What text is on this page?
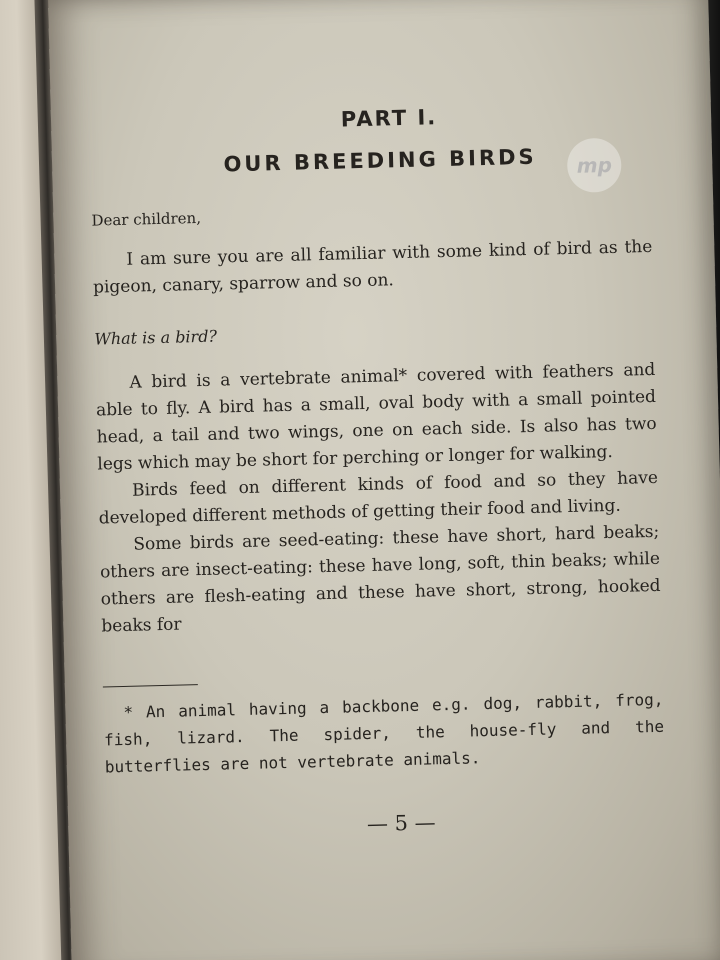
PART I.
OUR BREEDING BIRDS
Dear children,

I am sure you are all familiar with some kind of bird as the pigeon, canary, sparrow and so on.

What is a bird?

A bird is a vertebrate animal* covered with feathers and able to fly. A bird has a small, oval body with a small pointed head, a tail and two wings, one on each side. Is also has two legs which may be short for perching or longer for walking.

Birds feed on different kinds of food and so they have developed different methods of getting their food and living.

Some birds are seed-eating: these have short, hard beaks; others are insect-eating: these have long, soft, thin beaks; while others are flesh-eating and these have short, strong, hooked beaks for

* An animal having a backbone e.g. dog, rabbit, frog, fish, lizard. The spider, the house-fly and the butterflies are not vertebrate animals.

— 5 —
mp
